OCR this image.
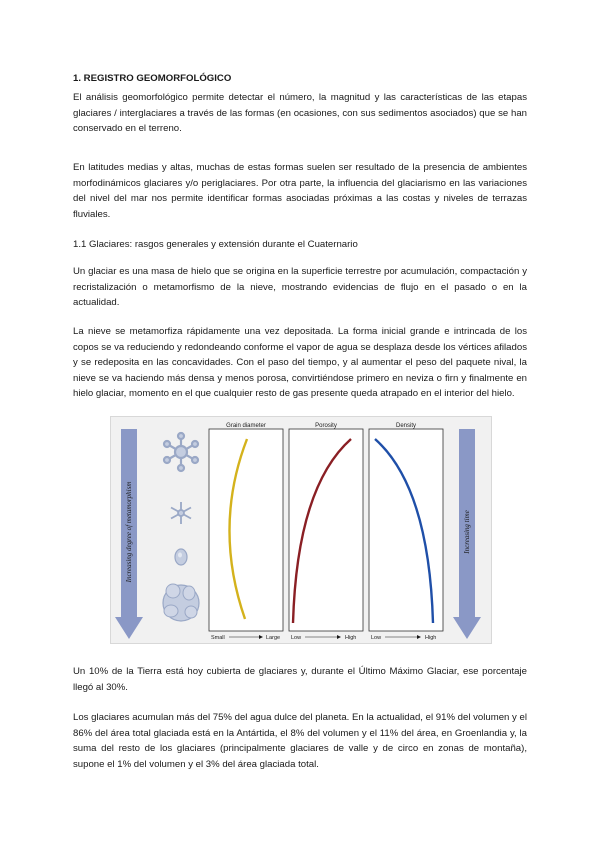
1. REGISTRO GEOMORFOLÓGICO

El análisis geomorfológico permite detectar el número, la magnitud y las características de las etapas glaciares / interglaciares a través de las formas (en ocasiones, con sus sedimentos asociados) que se han conservado en el terreno.

En latitudes medias y altas, muchas de estas formas suelen ser resultado de la presencia de ambientes morfodinámicos glaciares y/o periglaciares. Por otra parte, la influencia del glaciarismo en las variaciones del nivel del mar nos permite identificar formas asociadas próximas a las costas y niveles de terrazas fluviales.

1.1 Glaciares: rasgos generales y extensión durante el Cuaternario

Un glaciar es una masa de hielo que se origina en la superficie terrestre por acumulación, compactación y recristalización o metamorfismo de la nieve, mostrando evidencias de flujo en el pasado o en la actualidad.

La nieve se metamorfiza rápidamente una vez depositada. La forma inicial grande e intrincada de los copos se va reduciendo y redondeando conforme el vapor de agua se desplaza desde los vértices afilados y se redeposita en las concavidades. Con el paso del tiempo, y al aumentar el peso del paquete nival, la nieve se va haciendo más densa y menos porosa, convirtiéndose primero en neviza o firn y finalmente en hielo glaciar, momento en el que cualquier resto de gas presente queda atrapado en el interior del hielo.

Increasing degree of metamorphism
Grain diameter
Small	Large
Porosity
Low	High
Density
Low	High
Increasing time

Un 10% de la Tierra está hoy cubierta de glaciares y, durante el Último Máximo Glaciar, ese porcentaje llegó al 30%.

Los glaciares acumulan más del 75% del agua dulce del planeta. En la actualidad, el 91% del volumen y el 86% del área total glaciada está en la Antártida, el 8% del volumen y el 11% del área, en Groenlandia y, la suma del resto de los glaciares (principalmente glaciares de valle y de circo en zonas de montaña), supone el 1% del volumen y el 3% del área glaciada total.
